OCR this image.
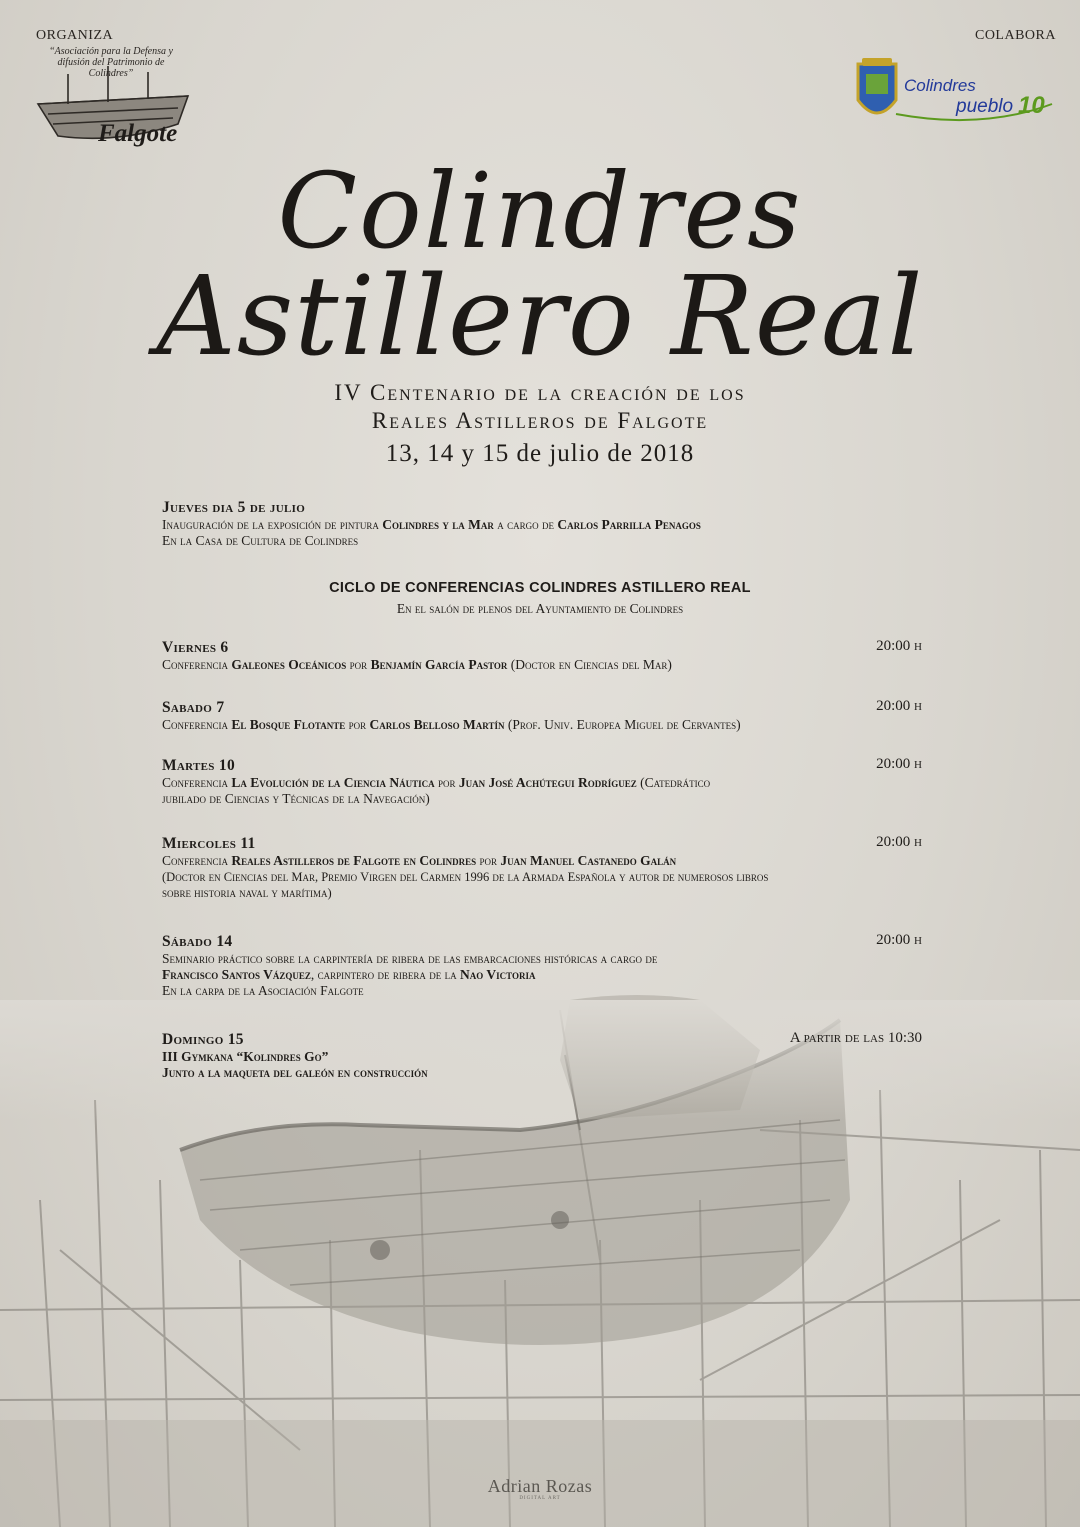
ORGANIZA	COLABORA
“Asociación para la Defensa y difusión del Patrimonio de Colindres”
Falgote
Colindres
pueblo 10
Colindres
Astillero Real
IV Centenario de la creación de los
Reales Astilleros de Falgote
13, 14 y 15 de julio de 2018
Jueves dia 5 de julio
Inauguración de la exposición de pintura Colindres y la Mar a cargo de Carlos Parrilla Penagos
En la Casa de Cultura de Colindres
CICLO DE CONFERENCIAS COLINDRES ASTILLERO REAL
En el salón de plenos del Ayuntamiento de Colindres
Viernes 6	20:00 h
Conferencia Galeones Oceánicos por Benjamín García Pastor (Doctor en Ciencias del Mar)
Sabado 7	20:00 h
Conferencia El Bosque Flotante por Carlos Belloso Martín (Prof. Univ. Europea Miguel de Cervantes)
Martes 10	20:00 h
Conferencia La Evolución de la Ciencia Náutica por Juan José Achútegui Rodríguez (Catedrático
jubilado de Ciencias y Técnicas de la Navegación)
Miercoles 11	20:00 h
Conferencia Reales Astilleros de Falgote en Colindres por Juan Manuel Castanedo Galán
(Doctor en Ciencias del Mar, Premio Virgen del Carmen 1996 de la Armada Española y autor de numerosos libros
sobre historia naval y marítima)
Sábado 14	20:00 h
Seminario práctico sobre la carpintería de ribera de las embarcaciones históricas a cargo de
Francisco Santos Vázquez, carpintero de ribera de la Nao Victoria
En la carpa de la Asociación Falgote
Domingo 15	A partir de las 10:30
III Gymkana “Kolindres Go”
Junto a la maqueta del galeón en construcción
Adrian Rozas
DIGITAL ART
